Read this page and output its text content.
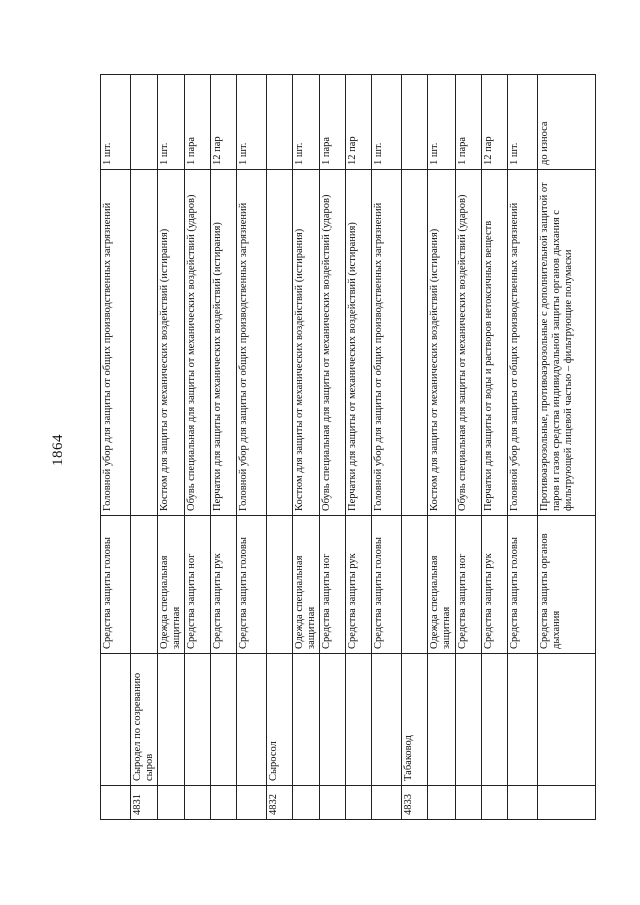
1864
		Средства защиты головы	Головной убор для защиты от общих производственных загрязнений	1 шт.
4831	Сыродел по созреванию сыров			
		Одежда специальная защитная	Костюм для защиты от механических воздействий (истирания)	1 шт.
		Средства защиты ног	Обувь специальная для защиты от механических воздействий (ударов)	1 пара
		Средства защиты рук	Перчатки для защиты от механических воздействий (истирания)	12 пар
		Средства защиты головы	Головной убор для защиты от общих производственных загрязнений	1 шт.
4832	Сыросол			
		Одежда специальная защитная	Костюм для защиты от механических воздействий (истирания)	1 шт.
		Средства защиты ног	Обувь специальная для защиты от механических воздействий (ударов)	1 пара
		Средства защиты рук	Перчатки для защиты от механических воздействий (истирания)	12 пар
		Средства защиты головы	Головной убор для защиты от общих производственных загрязнений	1 шт.
4833	Табаковод			
		Одежда специальная защитная	Костюм для защиты от механических воздействий (истирания)	1 шт.
		Средства защиты ног	Обувь специальная для защиты от механических воздействий (ударов)	1 пара
		Средства защиты рук	Перчатки для защиты от воды и растворов нетоксичных веществ	12 пар
		Средства защиты головы	Головной убор для защиты от общих производственных загрязнений	1 шт.
		Средства защиты органов дыхания	Противоаэрозольные, противоаэрозольные с дополнительной защитой от паров и газов средства индивидуальной защиты органов дыхания с фильтрующей лицевой частью – фильтрующие полумаски	до износа
